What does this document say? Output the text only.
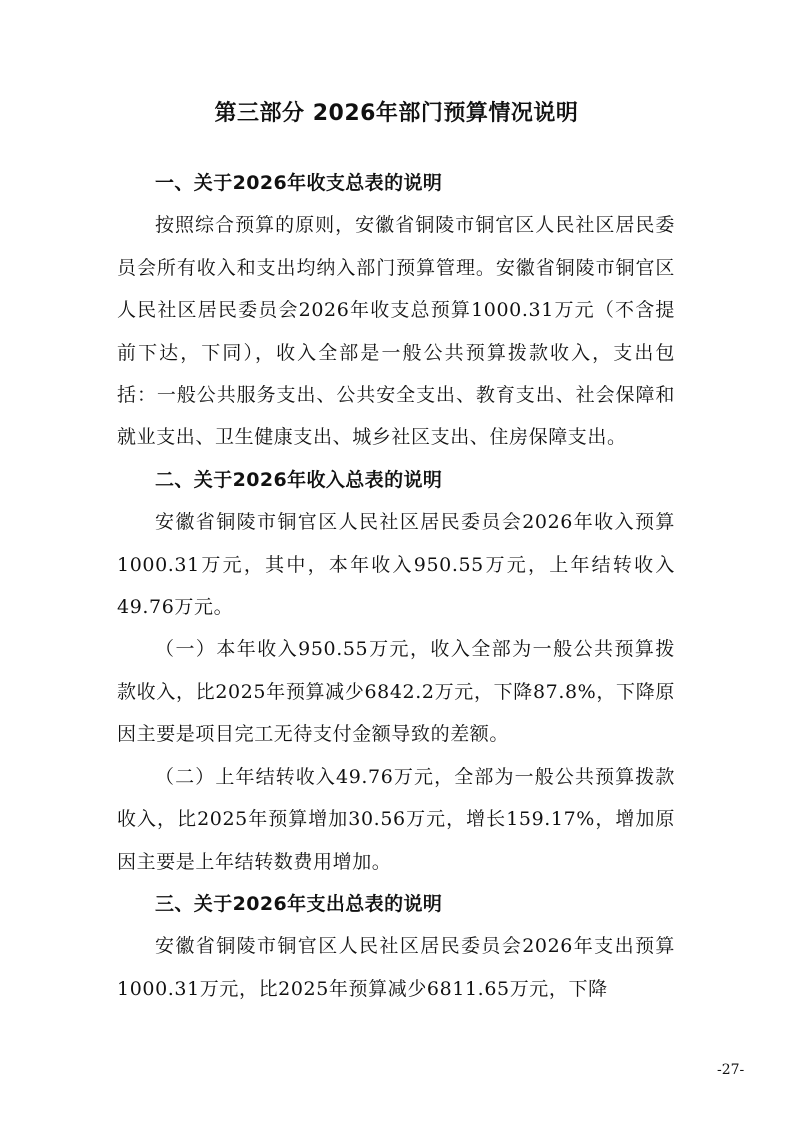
第三部分 2026年部门预算情况说明

一、关于2026年收支总表的说明

按照综合预算的原则，安徽省铜陵市铜官区人民社区居民委员会所有收入和支出均纳入部门预算管理。安徽省铜陵市铜官区人民社区居民委员会2026年收支总预算1000.31万元（不含提前下达，下同），收入全部是一般公共预算拨款收入，支出包括：一般公共服务支出、公共安全支出、教育支出、社会保障和就业支出、卫生健康支出、城乡社区支出、住房保障支出。

二、关于2026年收入总表的说明

安徽省铜陵市铜官区人民社区居民委员会2026年收入预算1000.31万元，其中，本年收入950.55万元，上年结转收入49.76万元。

（一）本年收入950.55万元，收入全部为一般公共预算拨款收入，比2025年预算减少6842.2万元，下降87.8%，下降原因主要是项目完工无待支付金额导致的差额。

（二）上年结转收入49.76万元，全部为一般公共预算拨款收入，比2025年预算增加30.56万元，增长159.17%，增加原因主要是上年结转数费用增加。

三、关于2026年支出总表的说明

安徽省铜陵市铜官区人民社区居民委员会2026年支出预算1000.31万元，比2025年预算减少6811.65万元，下降

-27-
